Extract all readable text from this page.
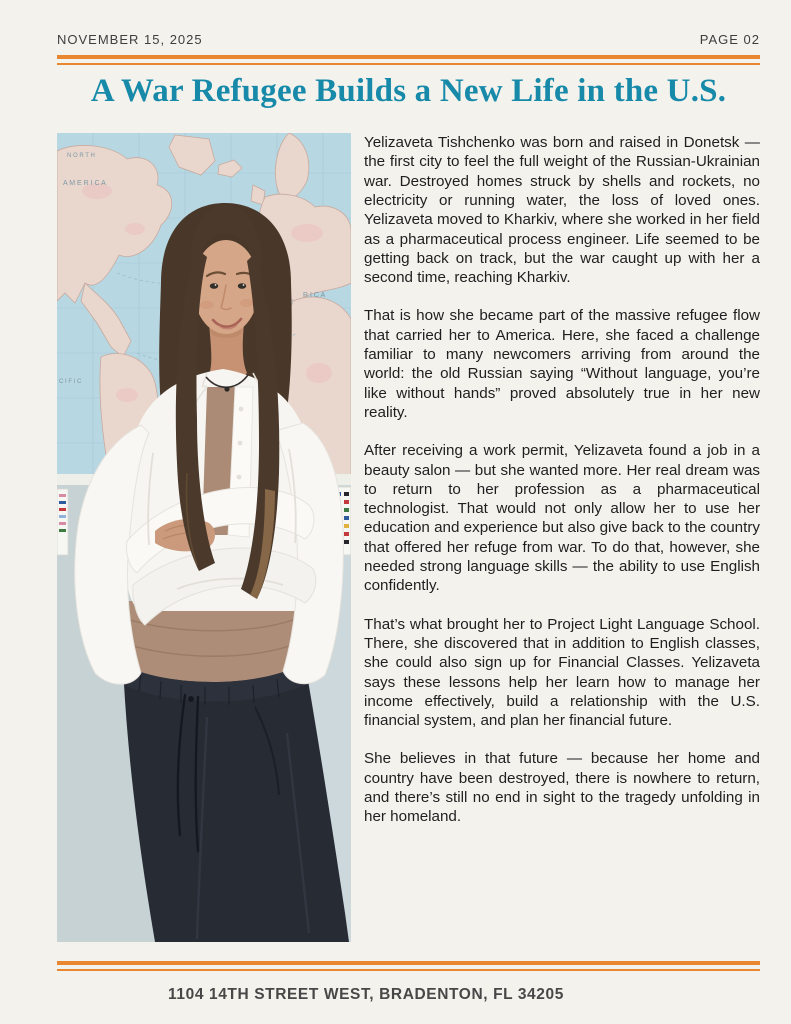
NOVEMBER 15, 2025	PAGE 02
A War Refugee Builds a New Life in the U.S.
N O R T H
A M E R I C A
R I C A
C I F I C

Yelizaveta Tishchenko was born and raised in Donetsk — the first city to feel the full weight of the Russian-Ukrainian war. Destroyed homes struck by shells and rockets, no electricity or running water, the loss of loved ones. Yelizaveta moved to Kharkiv, where she worked in her field as a pharmaceutical process engineer. Life seemed to be getting back on track, but the war caught up with her a second time, reaching Kharkiv.

That is how she became part of the massive refugee flow that carried her to America. Here, she faced a challenge familiar to many newcomers arriving from around the world: the old Russian saying “Without language, you’re like without hands” proved absolutely true in her new reality.

After receiving a work permit, Yelizaveta found a job in a beauty salon — but she wanted more. Her real dream was to return to her profession as a pharmaceutical technologist. That would not only allow her to use her education and experience but also give back to the country that offered her refuge from war. To do that, however, she needed strong language skills — the ability to use English confidently.

That’s what brought her to Project Light Language School. There, she discovered that in addition to English classes, she could also sign up for Financial Classes. Yelizaveta says these lessons help her learn how to manage her income effectively, build a relationship with the U.S. financial system, and plan her financial future.

She believes in that future — because her home and country have been destroyed, there is nowhere to return, and there’s still no end in sight to the tragedy unfolding in her homeland.

1104 14TH STREET WEST, BRADENTON, FL 34205
